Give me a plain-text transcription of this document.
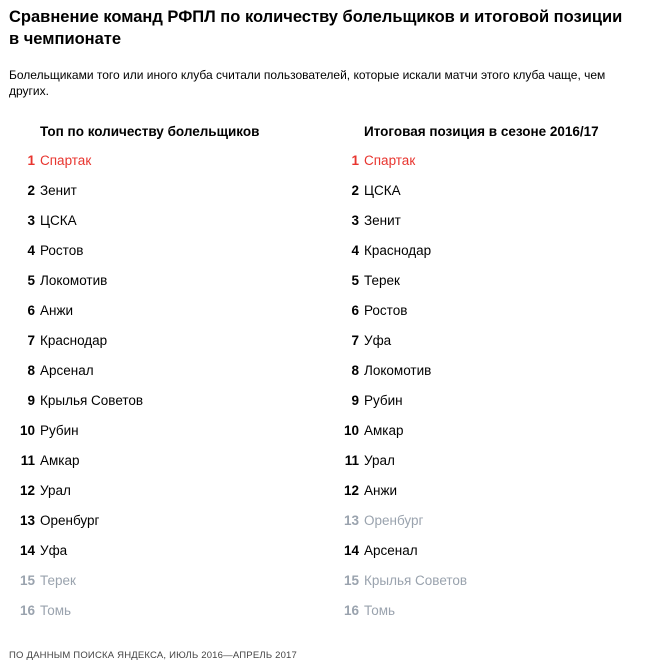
Сравнение команд РФПЛ по количеству болельщиков и итоговой позиции в чемпионате
Болельщиками того или иного клуба считали пользователей, которые искали матчи этого клуба чаще, чем других.
Топ по количеству болельщиков	Итоговая позиция в сезоне 2016/17
1 Спартак
2 Зенит
3 ЦСКА
4 Ростов
5 Локомотив
6 Анжи
7 Краснодар
8 Арсенал
9 Крылья Советов
10 Рубин
11 Амкар
12 Урал
13 Оренбург
14 Уфа
15 Терек
16 Томь
1 Спартак
2 ЦСКА
3 Зенит
4 Краснодар
5 Терек
6 Ростов
7 Уфа
8 Локомотив
9 Рубин
10 Амкар
11 Урал
12 Анжи
13 Оренбург
14 Арсенал
15 Крылья Советов
16 Томь
ПО ДАННЫМ ПОИСКА ЯНДЕКСА, ИЮЛЬ 2016—АПРЕЛЬ 2017
